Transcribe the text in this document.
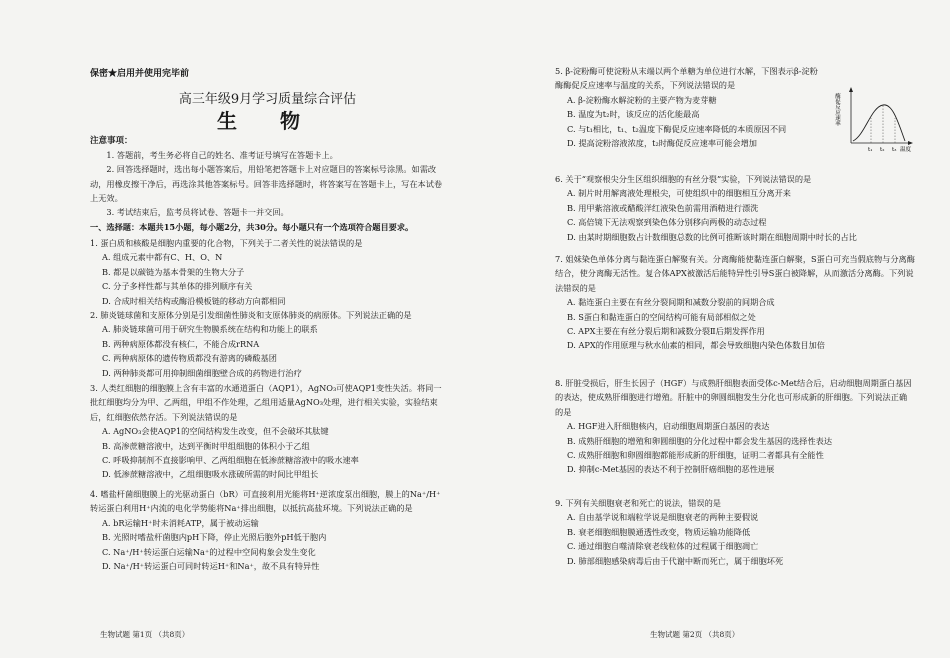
保密★启用并使用完毕前
高三年级9月学习质量综合评估
生 物
注意事项：
1. 答题前，考生务必将自己的姓名、准考证号填写在答题卡上。
2. 回答选择题时，选出每小题答案后，用铅笔把答题卡上对应题目的答案标号涂黑。如需改动，用橡皮擦干净后，再选涂其他答案标号。回答非选择题时，将答案写在答题卡上，写在本试卷上无效。
3. 考试结束后，监考员将试卷、答题卡一并交回。
一、选择题：本题共15小题，每小题2分，共30分。每小题只有一个选项符合题目要求。
1. 蛋白质和核酸是细胞内重要的化合物，下列关于二者关性的说法错误的是
A. 组成元素中都有C、H、O、N
B. 都是以碳链为基本骨架的生物大分子
C. 分子多样性都与其单体的排列顺序有关
D. 合成时相关结构或酶沿模板链的移动方向都相同
2. 肺炎链球菌和支原体分别是引发细菌性肺炎和支原体肺炎的病原体。下列说法正确的是
A. 肺炎链球菌可用于研究生物膜系统在结构和功能上的联系
B. 两种病原体都没有核仁，不能合成rRNA
C. 两种病原体的遗传物质都没有游离的磷酸基团
D. 两种肺炎都可用抑制细菌细胞壁合成的药物进行治疗
3. 人类红细胞的细胞膜上含有丰富的水通道蛋白（AQP1），AgNO₃可使AQP1变性失活。将同一批红细胞均分为甲、乙两组，甲组不作处理，乙组用适量AgNO₃处理，进行相关实验，实验结束后，红细胞依然存活。下列说法错误的是
A. AgNO₃会使AQP1的空间结构发生改变，但不会破坏其肽键
B. 高渗蔗糖溶液中，达到平衡时甲组细胞的体积小于乙组
C. 呼吸抑制剂不直接影响甲、乙两组细胞在低渗蔗糖溶液中的吸水速率
D. 低渗蔗糖溶液中，乙组细胞吸水涨破所需的时间比甲组长
4. 嗜盐杆菌细胞膜上的光驱动蛋白（bR）可直接利用光能将H⁺逆浓度泵出细胞，膜上的Na⁺/H⁺转运蛋白利用H⁺内流的电化学势能将Na⁺排出细胞，以抵抗高盐环境。下列说法正确的是
A. bR运输H⁺时未消耗ATP，属于被动运输
B. 光照时嗜盐杆菌胞内pH下降，停止光照后胞外pH低于胞内
C. Na⁺/H⁺转运蛋白运输Na⁺的过程中空间构象会发生变化
D. Na⁺/H⁺转运蛋白可同时转运H⁺和Na⁺，故不具有特异性
生物试题 第1页 （共8页）
5. β-淀粉酶可使淀粉从末端以两个单糖为单位进行水解，下图表示β-淀粉酶酶促反应速率与温度的关系，下列说法错误的是
A. β-淀粉酶水解淀粉的主要产物为麦芽糖
B. 温度为t₂时，该反应的活化能最高
C. 与t₁相比，t₁、t₂温度下酶促反应速率降低的本质原因不同
D. 提高淀粉溶液浓度，t₂时酶促反应速率可能会增加
6. 关于“观察根尖分生区组织细胞的有丝分裂”实验，下列说法错误的是
A. 制片时用解离液处理根尖，可使组织中的细胞相互分离开来
B. 用甲紫溶液或醋酸洋红液染色前需用酒精进行漂洗
C. 高倍镜下无法观察到染色体分别移向两极的动态过程
D. 由某时期细胞数占计数细胞总数的比例可推断该时期在细胞周期中时长的占比
7. 姐妹染色单体分离与黏连蛋白解聚有关。分离酶能使黏连蛋白解聚，S蛋白可充当假底物与分离酶结合，使分离酶无活性。复合体APX被激活后能特异性引导S蛋白被降解，从而激活分离酶。下列说法错误的是
A. 黏连蛋白主要在有丝分裂间期和减数分裂前的间期合成
B. S蛋白和黏连蛋白的空间结构可能有局部相似之处
C. APX主要在有丝分裂后期和减数分裂Ⅱ后期发挥作用
D. APX的作用原理与秋水仙素的相同，都会导致细胞内染色体数目加倍
8. 肝脏受损后，肝生长因子（HGF）与成熟肝细胞表面受体c-Met结合后，启动细胞周期蛋白基因的表达，使成熟肝细胞进行增殖。肝脏中的卵圆细胞发生分化也可形成新的肝细胞。下列说法正确的是
A. HGF进入肝细胞核内，启动细胞周期蛋白基因的表达
B. 成熟肝细胞的增殖和卵圆细胞的分化过程中都会发生基因的选择性表达
C. 成熟肝细胞和卵圆细胞都能形成新的肝细胞，证明二者都具有全能性
D. 抑制c-Met基因的表达不利于控制肝癌细胞的恶性进展
9. 下列有关细胞衰老和死亡的说法，错误的是
A. 自由基学说和端粒学说是细胞衰老的两种主要假说
B. 衰老细胞细胞膜通透性改变，物质运输功能降低
C. 通过细胞自噬清除衰老线粒体的过程属于细胞凋亡
D. 肺部细胞感染病毒后由于代谢中断而死亡，属于细胞坏死
生物试题 第2页 （共8页）
酶促反应速率
t₁ t₂ t₃ 温度
